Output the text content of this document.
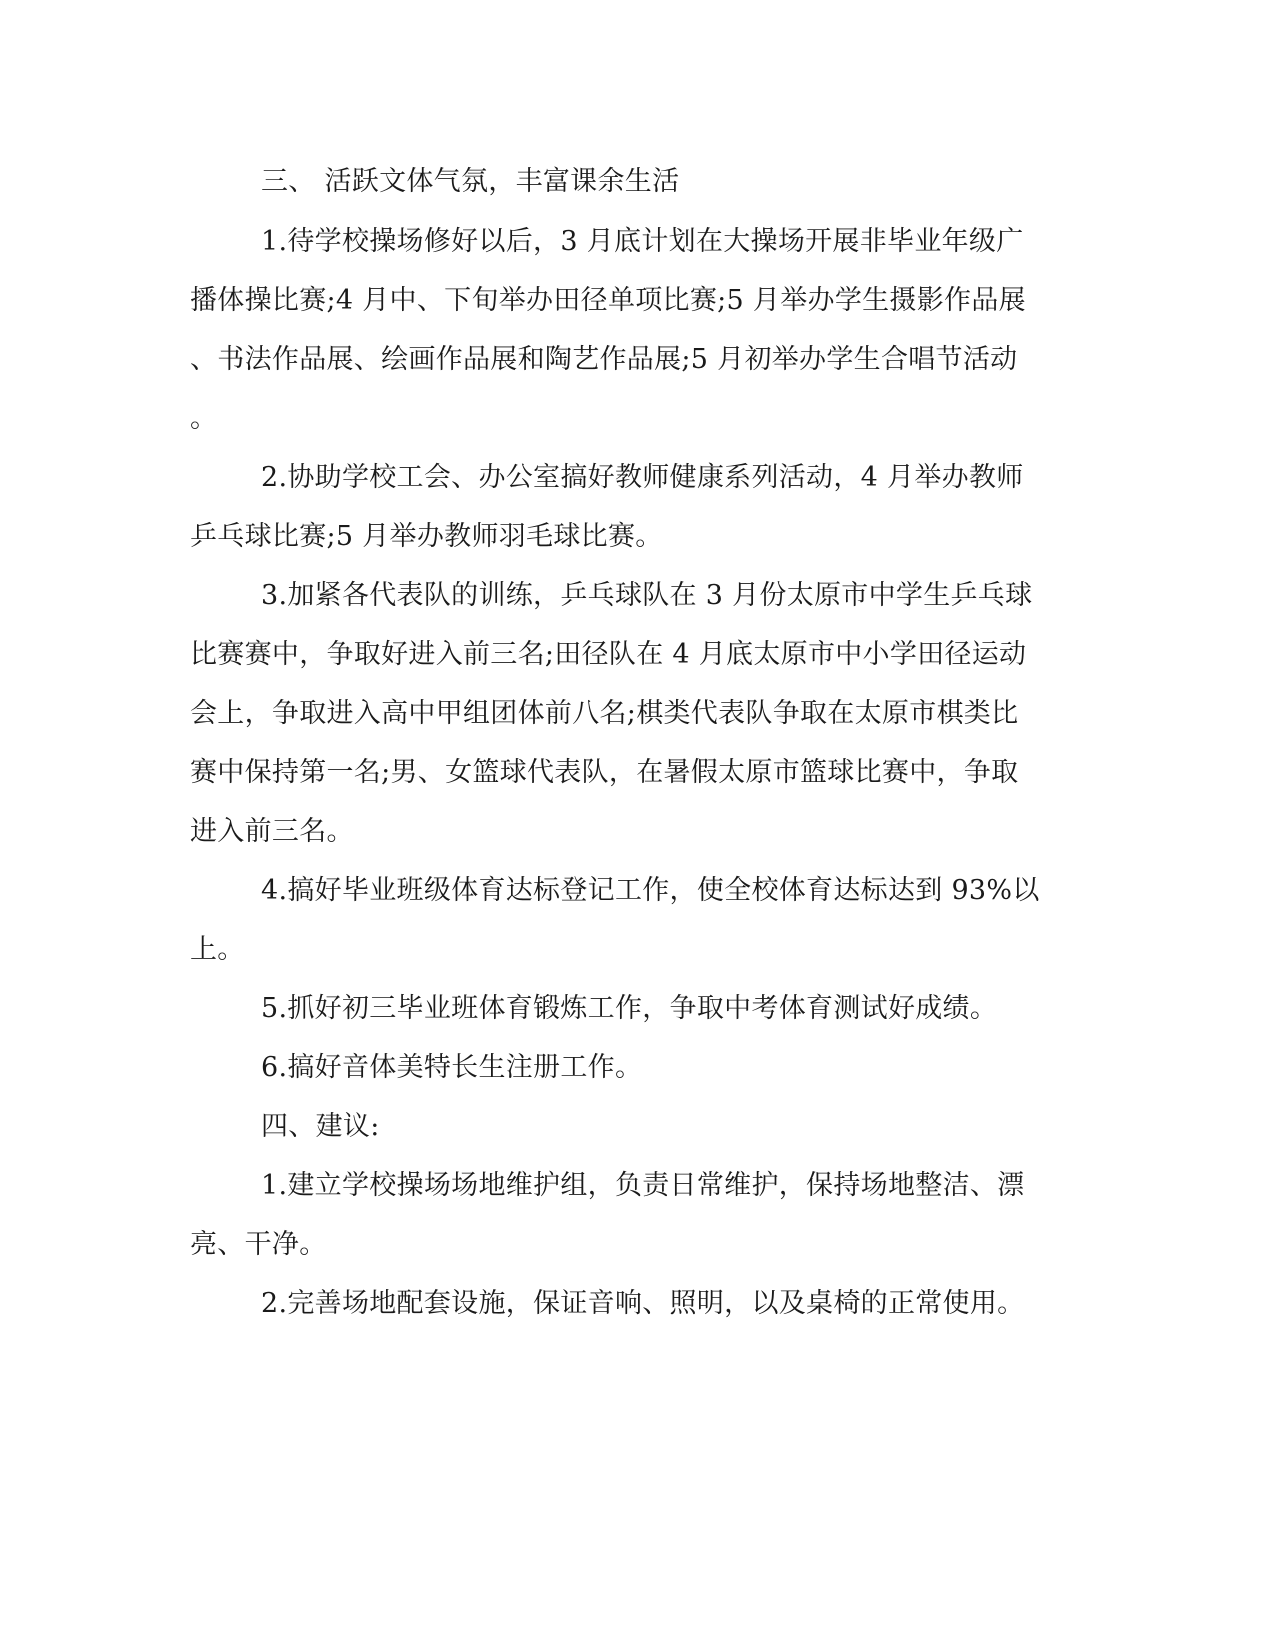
三、 活跃文体气氛，丰富课余生活
1.待学校操场修好以后，3 月底计划在大操场开展非毕业年级广
播体操比赛;4 月中、下旬举办田径单项比赛;5 月举办学生摄影作品展
、书法作品展、绘画作品展和陶艺作品展;5 月初举办学生合唱节活动
。
2.协助学校工会、办公室搞好教师健康系列活动，4 月举办教师
乒乓球比赛;5 月举办教师羽毛球比赛。
3.加紧各代表队的训练，乒乓球队在 3 月份太原市中学生乒乓球
比赛赛中，争取好进入前三名;田径队在 4 月底太原市中小学田径运动
会上，争取进入高中甲组团体前八名;棋类代表队争取在太原市棋类比
赛中保持第一名;男、女篮球代表队，在暑假太原市篮球比赛中，争取
进入前三名。
4.搞好毕业班级体育达标登记工作，使全校体育达标达到 93%以
上。
5.抓好初三毕业班体育锻炼工作，争取中考体育测试好成绩。
6.搞好音体美特长生注册工作。
四、建议:
1.建立学校操场场地维护组，负责日常维护，保持场地整洁、漂
亮、干净。
2.完善场地配套设施，保证音响、照明，以及桌椅的正常使用。
